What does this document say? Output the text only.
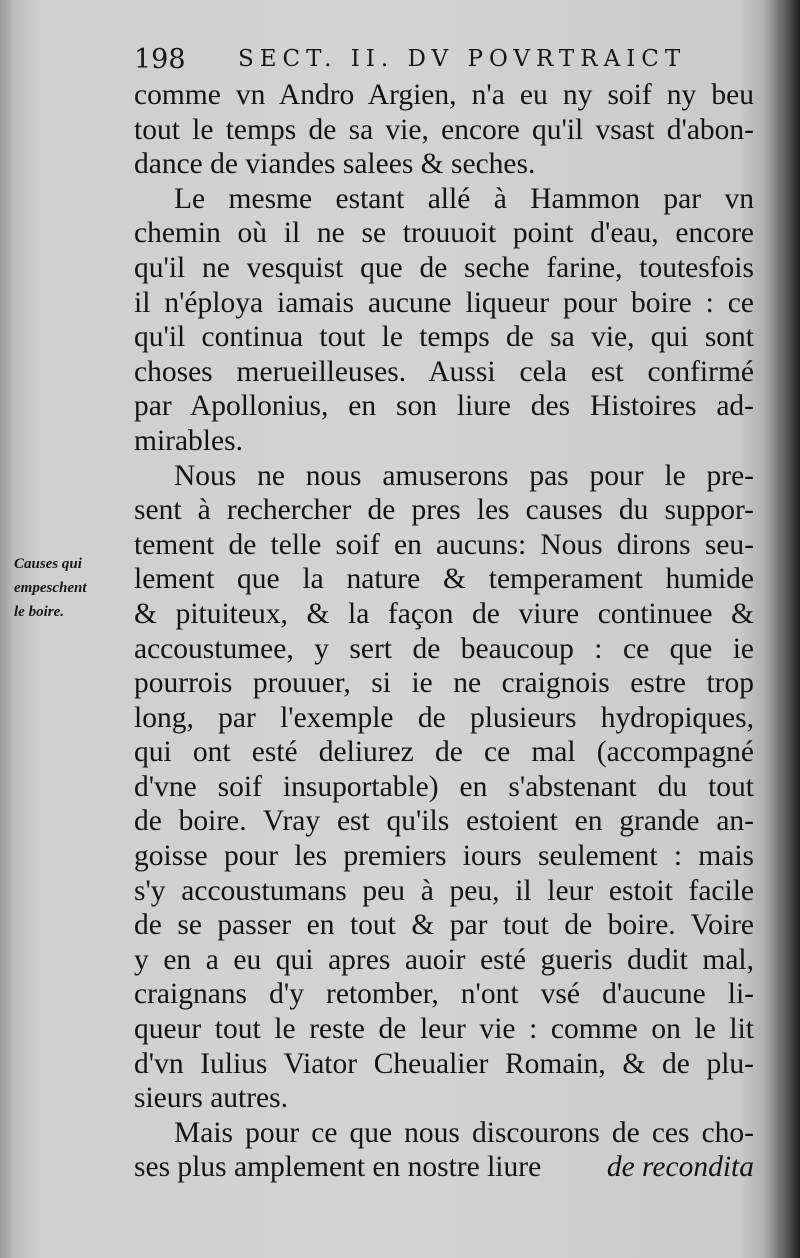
198 SECT. II. DV POVRTRAICT
Causes qui
empeschent
le boire.
comme vn Andro Argien, n'a eu ny soif ny beu
tout le temps de sa vie, encore qu'il vsast d'abon-
dance de viandes salees & seches.
Le mesme estant allé à Hammon par vn
chemin où il ne se trouuoit point d'eau, encore
qu'il ne vesquist que de seche farine, toutesfois
il n'éploya iamais aucune liqueur pour boire : ce
qu'il continua tout le temps de sa vie, qui sont
choses merueilleuses. Aussi cela est confirmé
par Apollonius, en son liure des Histoires ad-
mirables.
Nous ne nous amuserons pas pour le pre-
sent à rechercher de pres les causes du suppor-
tement de telle soif en aucuns: Nous dirons seu-
lement que la nature & temperament humide
& pituiteux, & la façon de viure continuee &
accoustumee, y sert de beaucoup : ce que ie
pourrois prouuer, si ie ne craignois estre trop
long, par l'exemple de plusieurs hydropiques,
qui ont esté deliurez de ce mal (accompagné
d'vne soif insuportable) en s'abstenant du tout
de boire. Vray est qu'ils estoient en grande an-
goisse pour les premiers iours seulement : mais
s'y accoustumans peu à peu, il leur estoit facile
de se passer en tout & par tout de boire. Voire
y en a eu qui apres auoir esté gueris dudit mal,
craignans d'y retomber, n'ont vsé d'aucune li-
queur tout le reste de leur vie : comme on le lit
d'vn Iulius Viator Cheualier Romain, & de plu-
sieurs autres.
Mais pour ce que nous discourons de ces cho-
ses plus amplement en nostre liure de recondita
